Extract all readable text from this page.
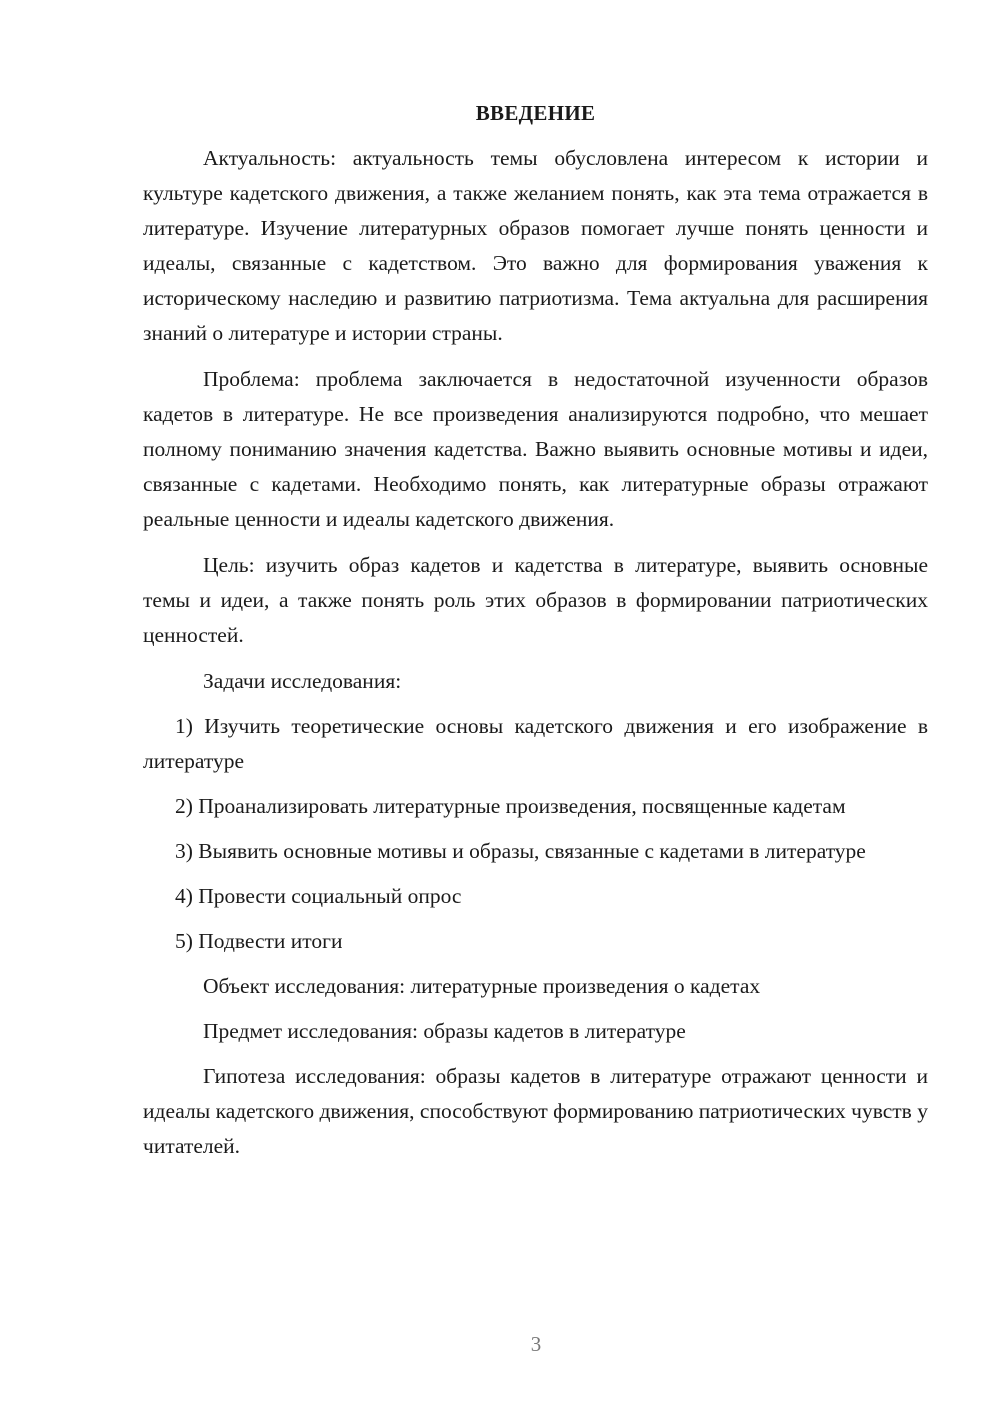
ВВЕДЕНИЕ

Актуальность: актуальность темы обусловлена интересом к истории и культуре кадетского движения, а также желанием понять, как эта тема отражается в литературе. Изучение литературных образов помогает лучше понять ценности и идеалы, связанные с кадетством. Это важно для формирования уважения к историческому наследию и развитию патриотизма. Тема актуальна для расширения знаний о литературе и истории страны.

Проблема: проблема заключается в недостаточной изученности образов кадетов в литературе. Не все произведения анализируются подробно, что мешает полному пониманию значения кадетства. Важно выявить основные мотивы и идеи, связанные с кадетами. Необходимо понять, как литературные образы отражают реальные ценности и идеалы кадетского движения.

Цель: изучить образ кадетов и кадетства в литературе, выявить основные темы и идеи, а также понять роль этих образов в формировании патриотических ценностей.

Задачи исследования:

1) Изучить теоретические основы кадетского движения и его изображение в литературе

2) Проанализировать литературные произведения, посвященные кадетам

3) Выявить основные мотивы и образы, связанные с кадетами в литературе

4) Провести социальный опрос

5) Подвести итоги

Объект исследования: литературные произведения о кадетах

Предмет исследования: образы кадетов в литературе

Гипотеза исследования: образы кадетов в литературе отражают ценности и идеалы кадетского движения, способствуют формированию патриотических чувств у читателей.

3
